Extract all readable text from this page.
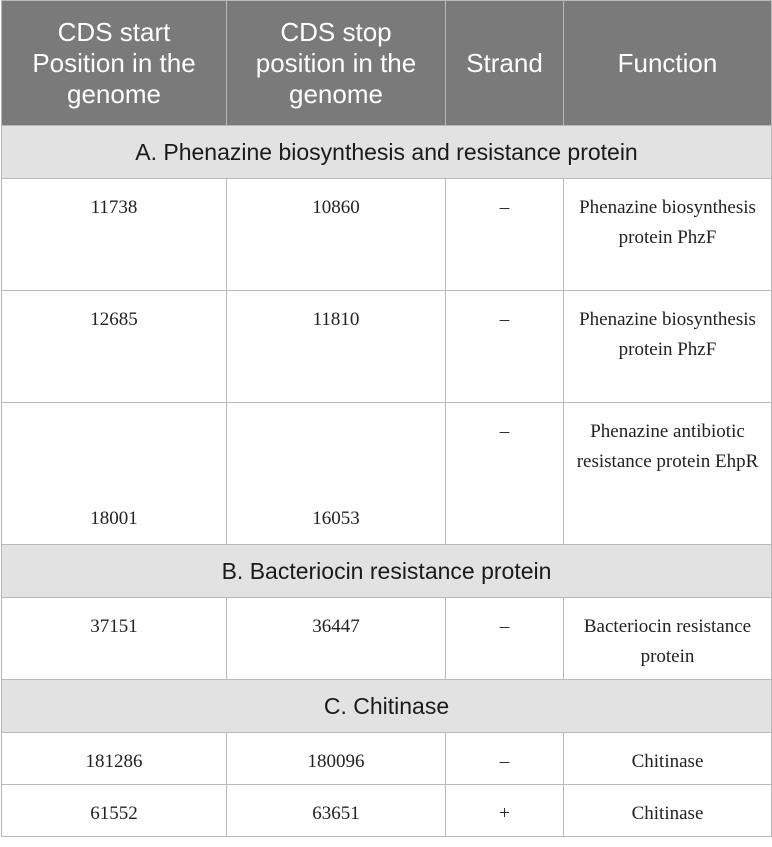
CDS start Position in the genome	CDS stop position in the genome	Strand	Function
A. Phenazine biosynthesis and resistance protein			
11738	10860	–	Phenazine biosynthesis protein PhzF
12685	11810	–	Phenazine biosynthesis protein PhzF
18001	16053	–	Phenazine antibiotic resistance protein EhpR
B. Bacteriocin resistance protein			
37151	36447	–	Bacteriocin resistance protein
C. Chitinase			
181286	180096	–	Chitinase
61552	63651	+	Chitinase
